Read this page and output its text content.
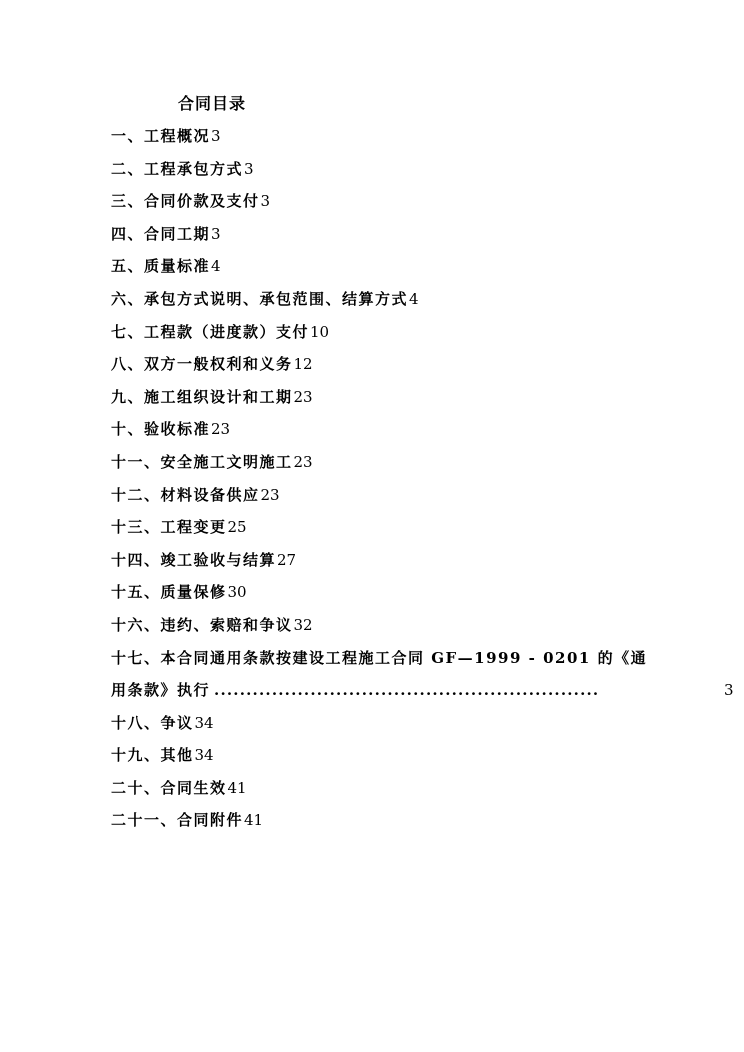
合同目录
一、工程概况3
二、工程承包方式3
三、合同价款及支付3
四、合同工期3
五、质量标准4
六、承包方式说明、承包范围、结算方式4
七、工程款（进度款）支付10
八、双方一般权利和义务12
九、施工组织设计和工期23
十、验收标准23
十一、安全施工文明施工23
十二、材料设备供应23
十三、工程变更25
十四、竣工验收与结算27
十五、质量保修30
十六、违约、索赔和争议32
十七、本合同通用条款按建设工程施工合同 GF—1999 - 0201 的《通
用条款》执行 ............................................................	3
十八、争议34
十九、其他34
二十、合同生效41
二十一、合同附件41
